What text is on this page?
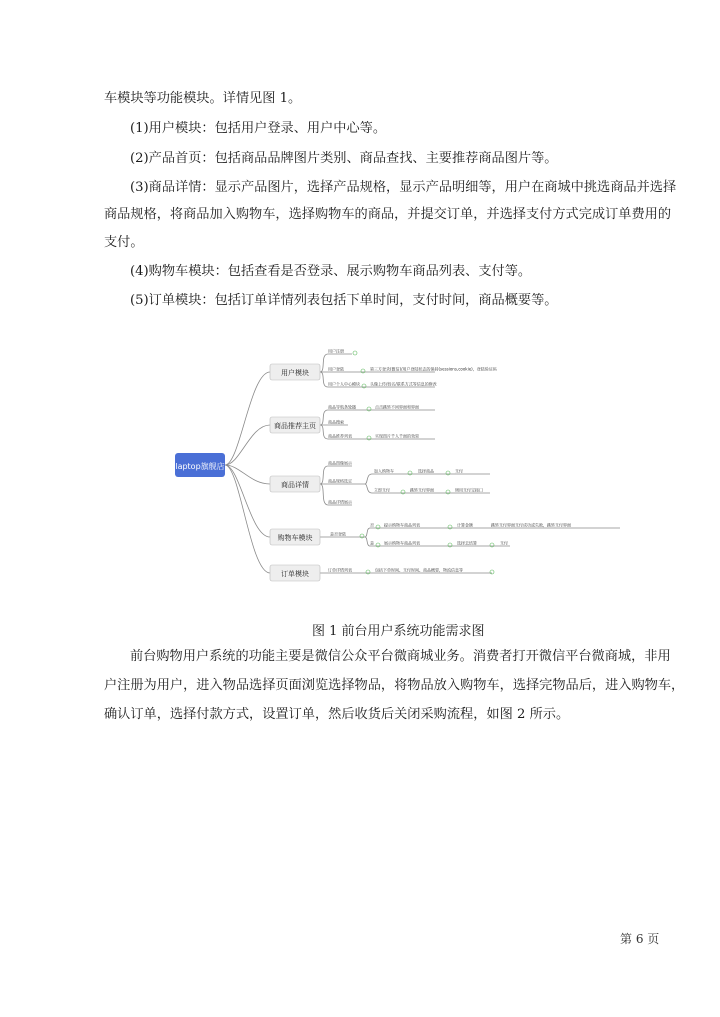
车模块等功能模块。详情见图 1。
(1)用户模块：包括用户登录、用户中心等。
(2)产品首页：包括商品品牌图片类别、商品查找、主要推荐商品图片等。
(3)商品详情：显示产品图片，选择产品规格，显示产品明细等，用户在商城中挑选商品并选择
商品规格，将商品加入购物车，选择购物车的商品，并提交订单，并选择支付方式完成订单费用的
支付。
(4)购物车模块：包括查看是否登录、展示购物车商品列表、支付等。
(5)订单模块：包括订单详情列表包括下单时间，支付时间，商品概要等。
laptop旗舰店
用户模块
用户注册
用户登陆	第三方登录(微信)/用户登陆状态的保持(sessions,cookie)，登陆验证码
用户个人中心模块	头像上传/姓名/联系方式等信息的修改
商品推荐主页
商品导航条轮播	点击跳转不同界面和界面
商品搜索
商品推荐列表	实现图片千人千面的效果
商品详情
商品图像展示
商品规格选定
加入购物车	选择商品	支付
立即支付	跳转支付界面	调用支付宝接口
商品详情展示
购物车模块	是否登陆
否	提示购物车商品列表	计算金额	跳转支付界面支付成功或失败，跳转支付界面
是	展示购物车商品列表	选择去结算	支付
订单模块	订单详情列表	包括下单时间、支付时间、商品概要，物流信息等
图 1 前台用户系统功能需求图
前台购物用户系统的功能主要是微信公众平台微商城业务。消费者打开微信平台微商城，非用
户注册为用户，进入物品选择页面浏览选择物品，将物品放入购物车，选择完物品后，进入购物车，
确认订单，选择付款方式，设置订单，然后收货后关闭采购流程，如图 2 所示。
第 6 页
